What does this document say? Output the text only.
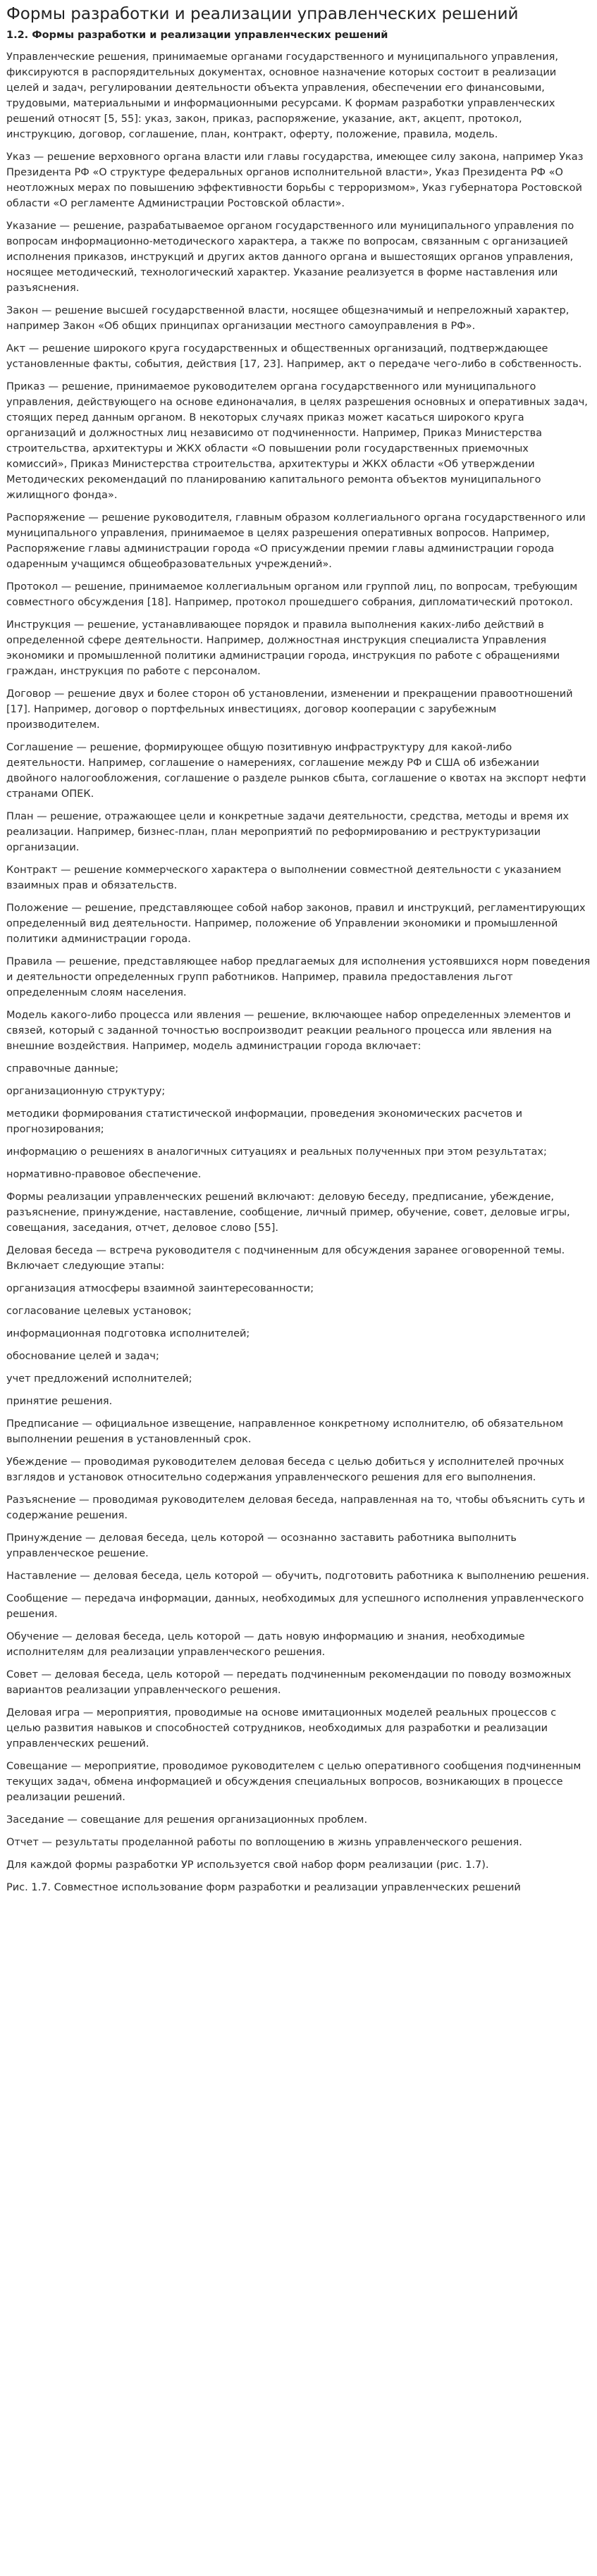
Формы разработки и реализации управленческих решений
1.2. Формы разработки и реализации управленческих решений

Управленческие решения, принимаемые органами государственного и муниципального управления, фиксируются в распорядительных документах, основное назначение которых состоит в реализации целей и задач, регулировании деятельности объекта управления, обеспечении его финансовыми, трудовыми, материальными и информационными ресурсами. К формам разработки управленческих решений относят [5, 55]: указ, закон, приказ, распоряжение, указание, акт, акцепт, протокол, инструкцию, договор, соглашение, план, контракт, оферту, положение, правила, модель.

Указ — решение верховного органа власти или главы государства, имеющее силу закона, например Указ Президента РФ «О структуре федеральных органов исполнительной власти», Указ Президента РФ «О неотложных мерах по повышению эффективности борьбы с терроризмом», Указ губернатора Ростовской области «О регламенте Администрации Ростовской области».

Указание — решение, разрабатываемое органом государственного или муниципального управления по вопросам информационно-методического характера, а также по вопросам, связанным с организацией исполнения приказов, инструкций и других актов данного органа и вышестоящих органов управления, носящее методический, технологический характер. Указание реализуется в форме наставления или разъяснения.

Закон — решение высшей государственной власти, носящее общезначимый и непреложный характер, например Закон «Об общих принципах организации местного самоуправления в РФ».

Акт — решение широкого круга государственных и общественных организаций, подтверждающее установленные факты, события, действия [17, 23]. Например, акт о передаче чего-либо в собственность.

Приказ — решение, принимаемое руководителем органа государственного или муниципального управления, действующего на основе единоначалия, в целях разрешения основных и оперативных задач, стоящих перед данным органом. В некоторых случаях приказ может касаться широкого круга организаций и должностных лиц независимо от подчиненности. Например, Приказ Министерства строительства, архитектуры и ЖКХ области «О повышении роли государственных приемочных комиссий», Приказ Министерства строительства, архитектуры и ЖКХ области «Об утверждении Методических рекомендаций по планированию капитального ремонта объектов муниципального жилищного фонда».

Распоряжение — решение руководителя, главным образом коллегиального органа государственного или муниципального управления, принимаемое в целях разрешения оперативных вопросов. Например, Распоряжение главы администрации города «О присуждении премии главы администрации города одаренным учащимся общеобразовательных учреждений».

Протокол — решение, принимаемое коллегиальным органом или группой лиц, по вопросам, требующим совместного обсуждения [18]. Например, протокол прошедшего собрания, дипломатический протокол.

Инструкция — решение, устанавливающее порядок и правила выполнения каких-либо действий в определенной сфере деятельности. Например, должностная инструкция специалиста Управления экономики и промышленной политики администрации города, инструкция по работе с обращениями граждан, инструкция по работе с персоналом.

Договор — решение двух и более сторон об установлении, изменении и прекращении правоотношений [17]. Например, договор о портфельных инвестициях, договор кооперации с зарубежным производителем.

Соглашение — решение, формирующее общую позитивную инфраструктуру для какой-либо деятельности. Например, соглашение о намерениях, соглашение между РФ и США об избежании двойного налогообложения, соглашение о разделе рынков сбыта, соглашение о квотах на экспорт нефти странами ОПЕК.

План — решение, отражающее цели и конкретные задачи деятельности, средства, методы и время их реализации. Например, бизнес-план, план мероприятий по реформированию и реструктуризации организации.

Контракт — решение коммерческого характера о выполнении совместной деятельности с указанием взаимных прав и обязательств.

Положение — решение, представляющее собой набор законов, правил и инструкций, регламентирующих определенный вид деятельности. Например, положение об Управлении экономики и промышленной политики администрации города.

Правила — решение, представляющее набор предлагаемых для исполнения устоявшихся норм поведения и деятельности определенных групп работников. Например, правила предоставления льгот определенным слоям населения.

Модель какого-либо процесса или явления — решение, включающее набор определенных элементов и связей, который с заданной точностью воспроизводит реакции реального процесса или явления на внешние воздействия. Например, модель администрации города включает:

справочные данные;

организационную структуру;

методики формирования статистической информации, проведения экономических расчетов и прогнозирования;

информацию о решениях в аналогичных ситуациях и реальных полученных при этом результатах;

нормативно-правовое обеспечение.

Формы реализации управленческих решений включают: деловую беседу, предписание, убеждение, разъяснение, принуждение, наставление, сообщение, личный пример, обучение, совет, деловые игры, совещания, заседания, отчет, деловое слово [55].

Деловая беседа — встреча руководителя с подчиненным для обсуждения заранее оговоренной темы. Включает следующие этапы:

организация атмосферы взаимной заинтересованности;

согласование целевых установок;

информационная подготовка исполнителей;

обоснование целей и задач;

учет предложений исполнителей;

принятие решения.

Предписание — официальное извещение, направленное конкретному исполнителю, об обязательном выполнении решения в установленный срок.

Убеждение — проводимая руководителем деловая беседа с целью добиться у исполнителей прочных взглядов и установок относительно содержания управленческого решения для его выполнения.

Разъяснение — проводимая руководителем деловая беседа, направленная на то, чтобы объяснить суть и содержание решения.

Принуждение — деловая беседа, цель которой — осознанно заставить работника выполнить управленческое решение.

Наставление — деловая беседа, цель которой — обучить, подготовить работника к выполнению решения.

Сообщение — передача информации, данных, необходимых для успешного исполнения управленческого решения.

Обучение — деловая беседа, цель которой — дать новую информацию и знания, необходимые исполнителям для реализации управленческого решения.

Совет — деловая беседа, цель которой — передать подчиненным рекомендации по поводу возможных вариантов реализации управленческого решения.

Деловая игра — мероприятия, проводимые на основе имитационных моделей реальных процессов с целью развития навыков и способностей сотрудников, необходимых для разработки и реализации управленческих решений.

Совещание — мероприятие, проводимое руководителем с целью оперативного сообщения подчиненным текущих задач, обмена информацией и обсуждения специальных вопросов, возникающих в процессе реализации решений.

Заседание — совещание для решения организационных проблем.

Отчет — результаты проделанной работы по воплощению в жизнь управленческого решения.

Для каждой формы разработки УР используется свой набор форм реализации (рис. 1.7).

Рис. 1.7. Совместное использование форм разработки и реализации управленческих решений
